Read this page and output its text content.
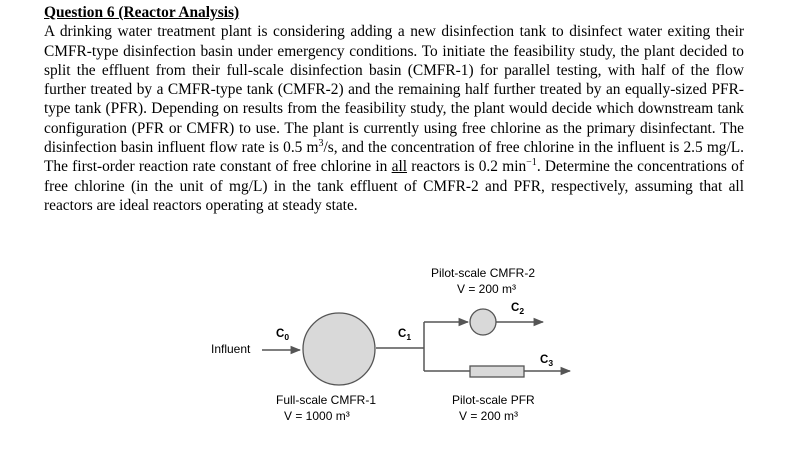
Question 6 (Reactor Analysis)
A drinking water treatment plant is considering adding a new disinfection tank to disinfect water exiting their CMFR-type disinfection basin under emergency conditions. To initiate the feasibility study, the plant decided to split the effluent from their full-scale disinfection basin (CMFR-1) for parallel testing, with half of the flow further treated by a CMFR-type tank (CMFR-2) and the remaining half further treated by an equally-sized PFR-type tank (PFR). Depending on results from the feasibility study, the plant would decide which downstream tank configuration (PFR or CMFR) to use. The plant is currently using free chlorine as the primary disinfectant. The disinfection basin influent flow rate is 0.5 $m^3/s$, and the concentration of free chlorine in the influent is 2.5 mg/L. The first-order reaction rate constant of free chlorine in all reactors is 0.2 $\min^{-1}$. Determine the concentrations of free chlorine (in the unit of mg/L) in the tank effluent of CMFR-2 and PFR, respectively, assuming that all reactors are ideal reactors operating at steady state.
Influent
$C_0$
Full-scale CMFR-1
V = 1000 m³
$C_1$
$C_2$
Pilot-scale CMFR-2
V = 200 m³
$C_3$
Pilot-scale PFR
V = 200 m³
